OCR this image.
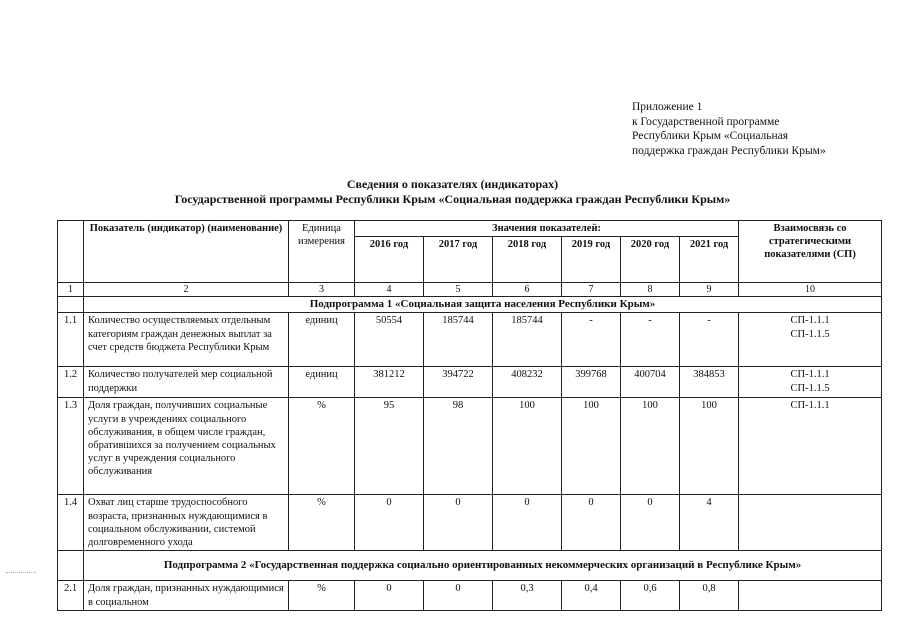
Приложение 1
к Государственной программе
Республики Крым «Социальная
поддержка граждан Республики Крым»
Сведения о показателях (индикаторах)
Государственной программы Республики Крым «Социальная поддержка граждан Республики Крым»
	Показатель (индикатор) (наименование)	Единица измерения	Значения показателей:						Взаимосвязь со стратегическими показателями (СП)
			2016 год	2017 год	2018 год	2019 год	2020 год	2021 год	
1	2	3	4	5	6	7	8	9	10
	Подпрограмма 1 «Социальная защита населения Республики Крым»								
1.1	Количество осуществляемых отдельным категориям граждан денежных выплат за счет средств бюджета Республики Крым	единиц	50554	185744	185744	-	-	-	СП-1.1.1
СП-1.1.5

1.2	Количество получателей мер социальной поддержки	единиц	381212	394722	408232	399768	400704	384853	СП-1.1.1
СП-1.1.5

1.3	Доля граждан, получивших социальные услуги в учреждениях социального обслуживания, в общем числе граждан, обратившихся за получением социальных услуг в учреждения социального обслуживания	%	95	98	100	100	100	100	СП-1.1.1

1.4	Охват лиц старше трудоспособного возраста, признанных нуждающимися в социальном обслуживании, системой долговременного ухода	%	0	0	0	0	0	4	
	Подпрограмма 2 «Государственная поддержка социально ориентированных некоммерческих организаций в Республике Крым»								
2.1	Доля граждан, признанных нуждающимися в социальном	%	0	0	0,3	0,4	0,6	0,8	
